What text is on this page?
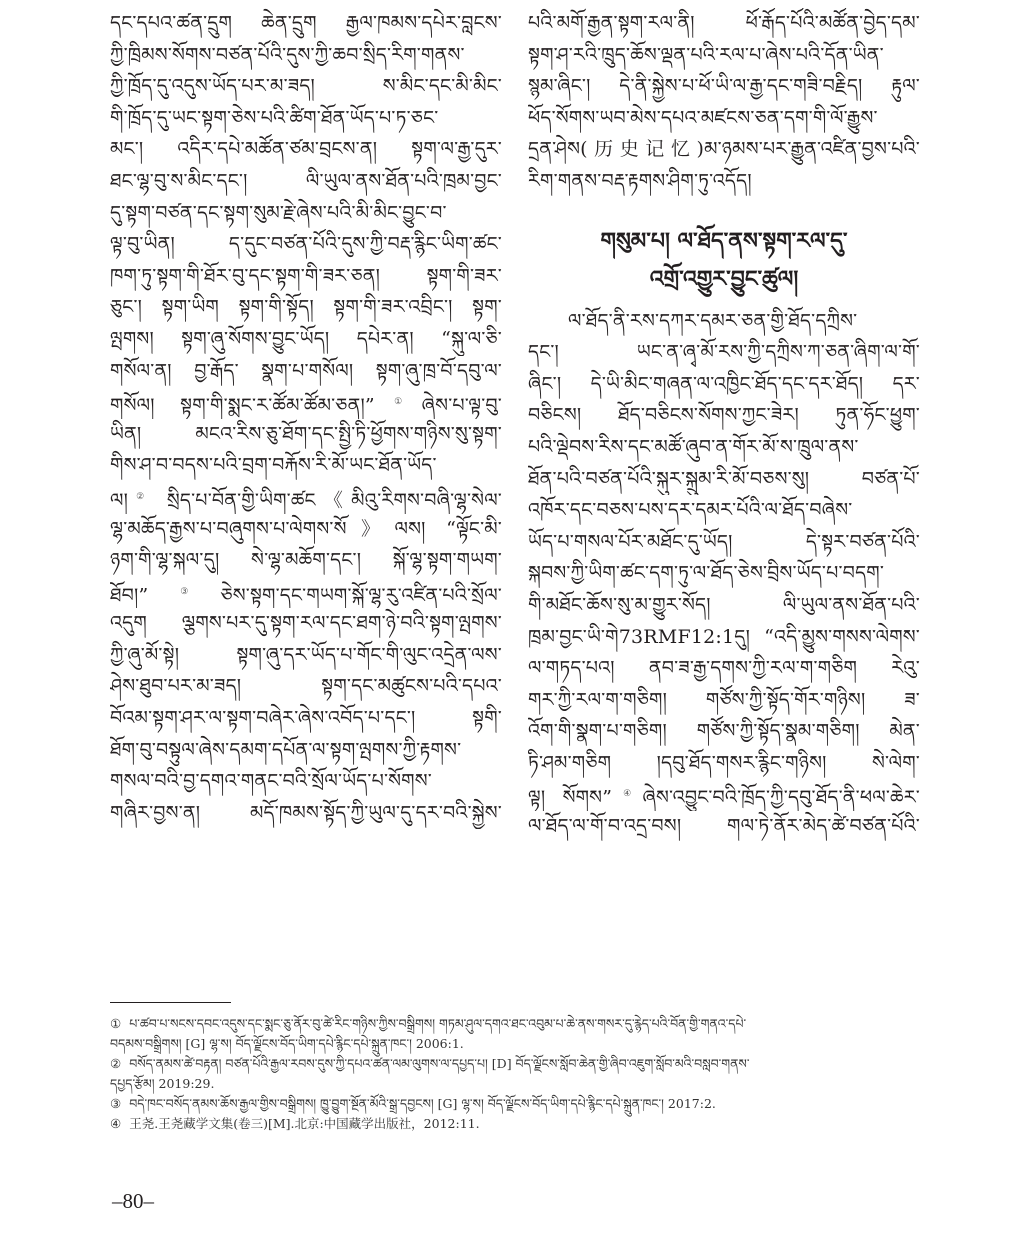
དང་དཔའ་ཚན་དྲུག ཆེན་དྲུག རྒྱལ་ཁམས་དཔེར་བླངས་
ཀྱི་ཁྲིམས་སོགས་བཙན་པོའི་དུས་ཀྱི་ཆབ་སྲིད་རིག་གནས་
ཀྱི་ཁྲོད་དུ་འདུས་ཡོད་པར་མ་ཟད། ས་མིང་དང་མི་མིང་
གི་ཁྲོད་དུ་ཡང་སྟག་ཅེས་པའི་ཚིག་ཐོན་ཡོད་པ་ཏ་ཅང་
མང་། འདིར་དཔེ་མཚོན་ཙམ་བྲངས་ན། སྟག་ལ་རྒྱ་དུར་
ཐང་ལྷ་བུ་ས་མིང་དང་། ལི་ཡུལ་ནས་ཐོན་པའི་ཁྲམ་བྱང་
དུ་སྟག་བཙན་དང་སྟག་སུམ་རྗེ་ཞེས་པའི་མི་མིང་བྱུང་བ་
ལྟ་བུ་ཡིན། ད་དུང་བཙན་པོའི་དུས་ཀྱི་བརྡ་རྙིང་ཡིག་ཚང་
ཁག་ཏུ་སྟག་གི་ཐོར་བུ་དང་སྟག་གི་ཟར་ཅན། སྟག་གི་ཟར་
ཅུང་། སྟག་ཡིག སྟག་གི་སྟོད། སྟག་གི་ཟར་འབྲིང་། སྟག་
ལྤགས། སྟག་ཞུ་སོགས་བྱུང་ཡོད། དཔེར་ན། “སྐུ་ལ་ཅི་
གསོལ་ན། བྱ་རྒོད་ སྣག་པ་གསོལ། སྟག་ཞུ་ཁྲ་བོ་དབུ་ལ་
གསོལ། སྟག་གི་སྨང་ར་ཚོམ་ཚོམ་ཅན།”①ཞེས་པ་ལྟ་བུ་
ཡིན། མངའ་རིས་ཅུ་ཐོག་དང་སྤྱི་ཏི་ཕྱོགས་གཉིས་སུ་སྟག་
གིས་ཤ་བ་བདས་པའི་བྲག་བརྐོས་རི་མོ་ཡང་ཐོན་ཡོད་
ལ།② སྲིད་པ་བོན་གྱི་ཡིག་ཚང《མིའུ་རིགས་བཞི་ལྷ་སེལ་
ལྷ་མཆོད་རྒྱས་པ་བཞུགས་པ་ལེགས་སོ》ལས། “ལྟོང་མི་
ཉག་གི་ལྷ་སྐལ་དུ། སེ་ལྷ་མཆོག་དང་། སྐོ་ལྷ་སྟག་གཡག་
ཐོབ།”③ཅེས་སྟག་དང་གཡག་སྐོ་ལྷ་རུ་འཛིན་པའི་སྲོལ་
འདུག ལྕགས་པར་དུ་སྟག་རལ་དང་ཐག་ཉེ་བའི་སྟག་ལྤགས་
ཀྱི་ཞུ་མོ་སྟེ། སྟག་ཞུ་དར་ཡོད་པ་གོང་གི་ལུང་འདྲེན་ལས་
ཤེས་ཐུབ་པར་མ་ཟད། སྟག་དང་མཚུངས་པའི་དཔའ་
བོའམ་སྟག་ཤར་ལ་སྟག་བཞེར་ཞེས་འབོད་པ་དང་། སྟགི་
ཐོག་བུ་བསྟུལ་ཞེས་དམག་དཔོན་ལ་སྟག་ལྤགས་ཀྱི་རྟགས་
གསལ་བའི་བྱ་དགའ་གནང་བའི་སྲོལ་ཡོད་པ་སོགས་
གཞིར་བྱས་ན། མདོ་ཁམས་སྟོད་ཀྱི་ཡུལ་དུ་དར་བའི་སྐྱེས་
པའི་མགོ་རྒྱན་སྟག་རལ་ནི། ཕོ་རྒོད་པོའི་མཚོན་བྱེད་དམ་
སྟག་ཤ་རའི་ཁྲུད་ཆོས་ལྡན་པའི་རལ་པ་ཞེས་པའི་དོན་ཡིན་
སྙམ་ཞིང་། དེ་ནི་སྐྱེས་པ་ཕོ་ཡི་ལ་རྒྱ་དང་གཟི་བརྗིད། རྟུལ་
ཕོད་སོགས་ཡབ་མེས་དཔའ་མཛངས་ཅན་དག་གི་ལོ་རྒྱུས་
དྲན་ཤེས(历史记忆)མ་ཉམས་པར་རྒྱུན་འཛིན་བྱས་པའི་
རིག་གནས་བརྡ་རྟགས་ཤིག་ཏུ་འདོད།
གསུམ་པ། ལ་ཐོད་ནས་སྟག་རལ་དུ་
འགྲོ་འགྱུར་བྱུང་ཚུལ།
ལ་ཐོད་ནི་རས་དཀར་དམར་ཅན་གྱི་ཐོད་དཀྲིས་
དང་། ཡང་ན་ཞྭ་མོ་རས་ཀྱི་དཀྲིས་ཀ་ཅན་ཞིག་ལ་གོ་
ཞིང་། དེ་ཡི་མིང་གཞན་ལ་འཁྱིང་ཐོད་དང་དར་ཐོད། དར་
བཅིངས། ཐོད་བཅིངས་སོགས་ཀྱང་ཟེར། ཏུན་ཧོང་ཕྱུག་
པའི་ལྡེབས་རིས་དང་མཚོ་ཞུབ་ན་གོར་མོ་ས་ཁྲུལ་ནས་
ཐོན་པའི་བཙན་པོའི་སྐུར་སྐྲུམ་རི་མོ་བཅས་སུ། བཙན་པོ་
འཁོར་དང་བཅས་པས་དར་དམར་པོའི་ལ་ཐོད་བཞེས་
ཡོད་པ་གསལ་པོར་མཐོང་དུ་ཡོད། དེ་སྟར་བཙན་པོའི་
སྐབས་ཀྱི་ཡིག་ཚང་དག་ཏུ་ལ་ཐོད་ཅེས་བྲིས་ཡོད་པ་བདག་
གི་མཐོང་ཆོས་སུ་མ་གྱུར་སོད། ལི་ཡུལ་ནས་ཐོན་པའི་
ཁྲམ་བྱང་ཡི་གེ73RMF12:1དུ། “འདི་མྱུས་གསས་ལེགས་
ལ་གཏད་པའ། ནབ་ཟ་རྒྱ་དགས་ཀྱི་རལ་ག་གཅིག རེའུ་
གར་ཀྱི་རལ་ག་གཅིག། གཙོས་ཀྱི་སྟོད་གོར་གཉིས། ཟ་
འོག་གི་སྣག་པ་གཅིག། གཙོས་ཀྱི་སྟོད་སྣམ་གཅིག། མེན་
ཏི་ཤམ་གཅིག །དབུ་ཐོད་གསར་རྙིང་གཉིས། སེ་ལེག་
ལྟ། སོགས”④ཞེས་འབྱུང་བའི་ཁྲོད་ཀྱི་དབུ་ཐོད་ནི་ཕལ་ཆེར་
ལ་ཐོད་ལ་གོ་བ་འདྲ་བས། གལ་ཏེ་ནོར་མེད་ཚེ་བཙན་པོའི་
① པ་ཚབ་པ་སངས་དབང་འདུས་དང་སྨང་ཅུ་ནོར་བུ་ཚེ་རིང་གཉིས་ཀྱིས་བསྒྲིགས། གཏམ་ཤུལ་དགའ་ཐང་འབུམ་པ་ཆེ་ནས་གསར་དུ་རྙེད་པའི་བོན་གྱི་གནའ་དཔེ་
བདམས་བསྒྲིགས། [G] ལྷ་ས། བོད་ལྗོངས་བོད་ཡིག་དཔེ་རྙིང་དཔེ་སྐྲུན་ཁང་། 2006:1.
② བསོད་ནམས་ཚེ་བརྟན། བཙན་པོའི་རྒྱལ་རབས་དུས་ཀྱི་དཔའ་ཚན་ལམ་ལུགས་ལ་དཔྱད་པ། [D] བོད་ལྗོངས་སློབ་ཆེན་གྱི་ཞིབ་འཇུག་སློབ་མའི་བསླབ་གནས་
དཔྱད་རྩོམ། 2019:29.
③ བདེ་ཁང་བསོད་ནམས་ཆོས་རྒྱལ་གྱིས་བསྒྲིགས། ཁྱུ་བྱུག་སྔོན་མོའི་སྒྲ་དབྱངས། [G] ལྷ་ས། བོད་ལྗོངས་བོད་ཡིག་དཔེ་རྙིང་དཔེ་སྐྲུན་ཁང་། 2017:2.
④ 王尧.王尧藏学文集(卷三)[M].北京:中国藏学出版社，2012:11.
–80–
